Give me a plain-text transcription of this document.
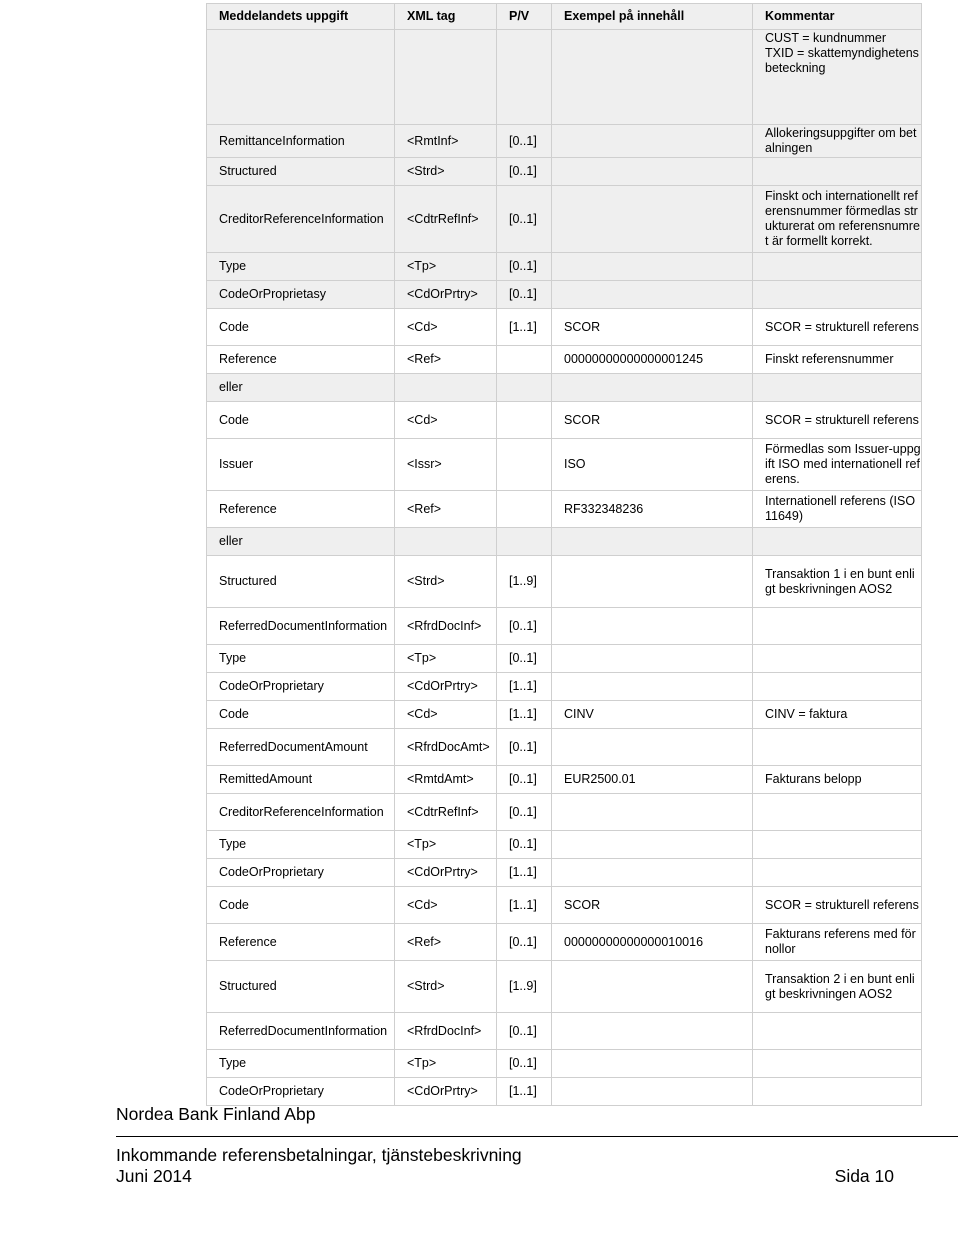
Meddelandets uppgift	XML tag	P/V	Exempel på innehåll	Kommentar
				CUST = kundnummer
TXID = skattemyndighetens beteckning
RemittanceInformation	<RmtInf>	[0..1]		Allokeringsuppgifter om betalningen
Structured	<Strd>	[0..1]		
CreditorReferenceInformation	<CdtrRefInf>	[0..1]		Finskt och internationellt referensnummer förmedlas strukturerat om referensnumret är formellt korrekt.
Type	<Tp>	[0..1]		
CodeOrProprietasy	<CdOrPrtry>	[0..1]		
Code	<Cd>	[1..1]	SCOR	SCOR = strukturell referens
Reference	<Ref>		00000000000000001245	Finskt referensnummer
eller				
Code	<Cd>		SCOR	SCOR = strukturell referens
Issuer	<Issr>		ISO	Förmedlas som Issuer-uppgift ISO med internationell referens.
Reference	<Ref>		RF332348236	Internationell referens (ISO 11649)
eller				
Structured	<Strd>	[1..9]		Transaktion 1 i en bunt enligt beskrivningen AOS2
ReferredDocumentInformation	<RfrdDocInf>	[0..1]		
Type	<Tp>	[0..1]		
CodeOrProprietary	<CdOrPrtry>	[1..1]		
Code	<Cd>	[1..1]	CINV	CINV = faktura
ReferredDocumentAmount	<RfrdDocAmt>	[0..1]		
RemittedAmount	<RmtdAmt>	[0..1]	EUR2500.01	Fakturans belopp
CreditorReferenceInformation	<CdtrRefInf>	[0..1]		
Type	<Tp>	[0..1]		
CodeOrProprietary	<CdOrPrtry>	[1..1]		
Code	<Cd>	[1..1]	SCOR	SCOR = strukturell referens
Reference	<Ref>	[0..1]	00000000000000010016	Fakturans referens med förnollor
Structured	<Strd>	[1..9]		Transaktion 2 i en bunt enligt beskrivningen AOS2
ReferredDocumentInformation	<RfrdDocInf>	[0..1]		
Type	<Tp>	[0..1]		
CodeOrProprietary	<CdOrPrtry>	[1..1]		
Nordea Bank Finland Abp
Inkommande referensbetalningar, tjänstebeskrivning
Juni 2014	Sida 10
